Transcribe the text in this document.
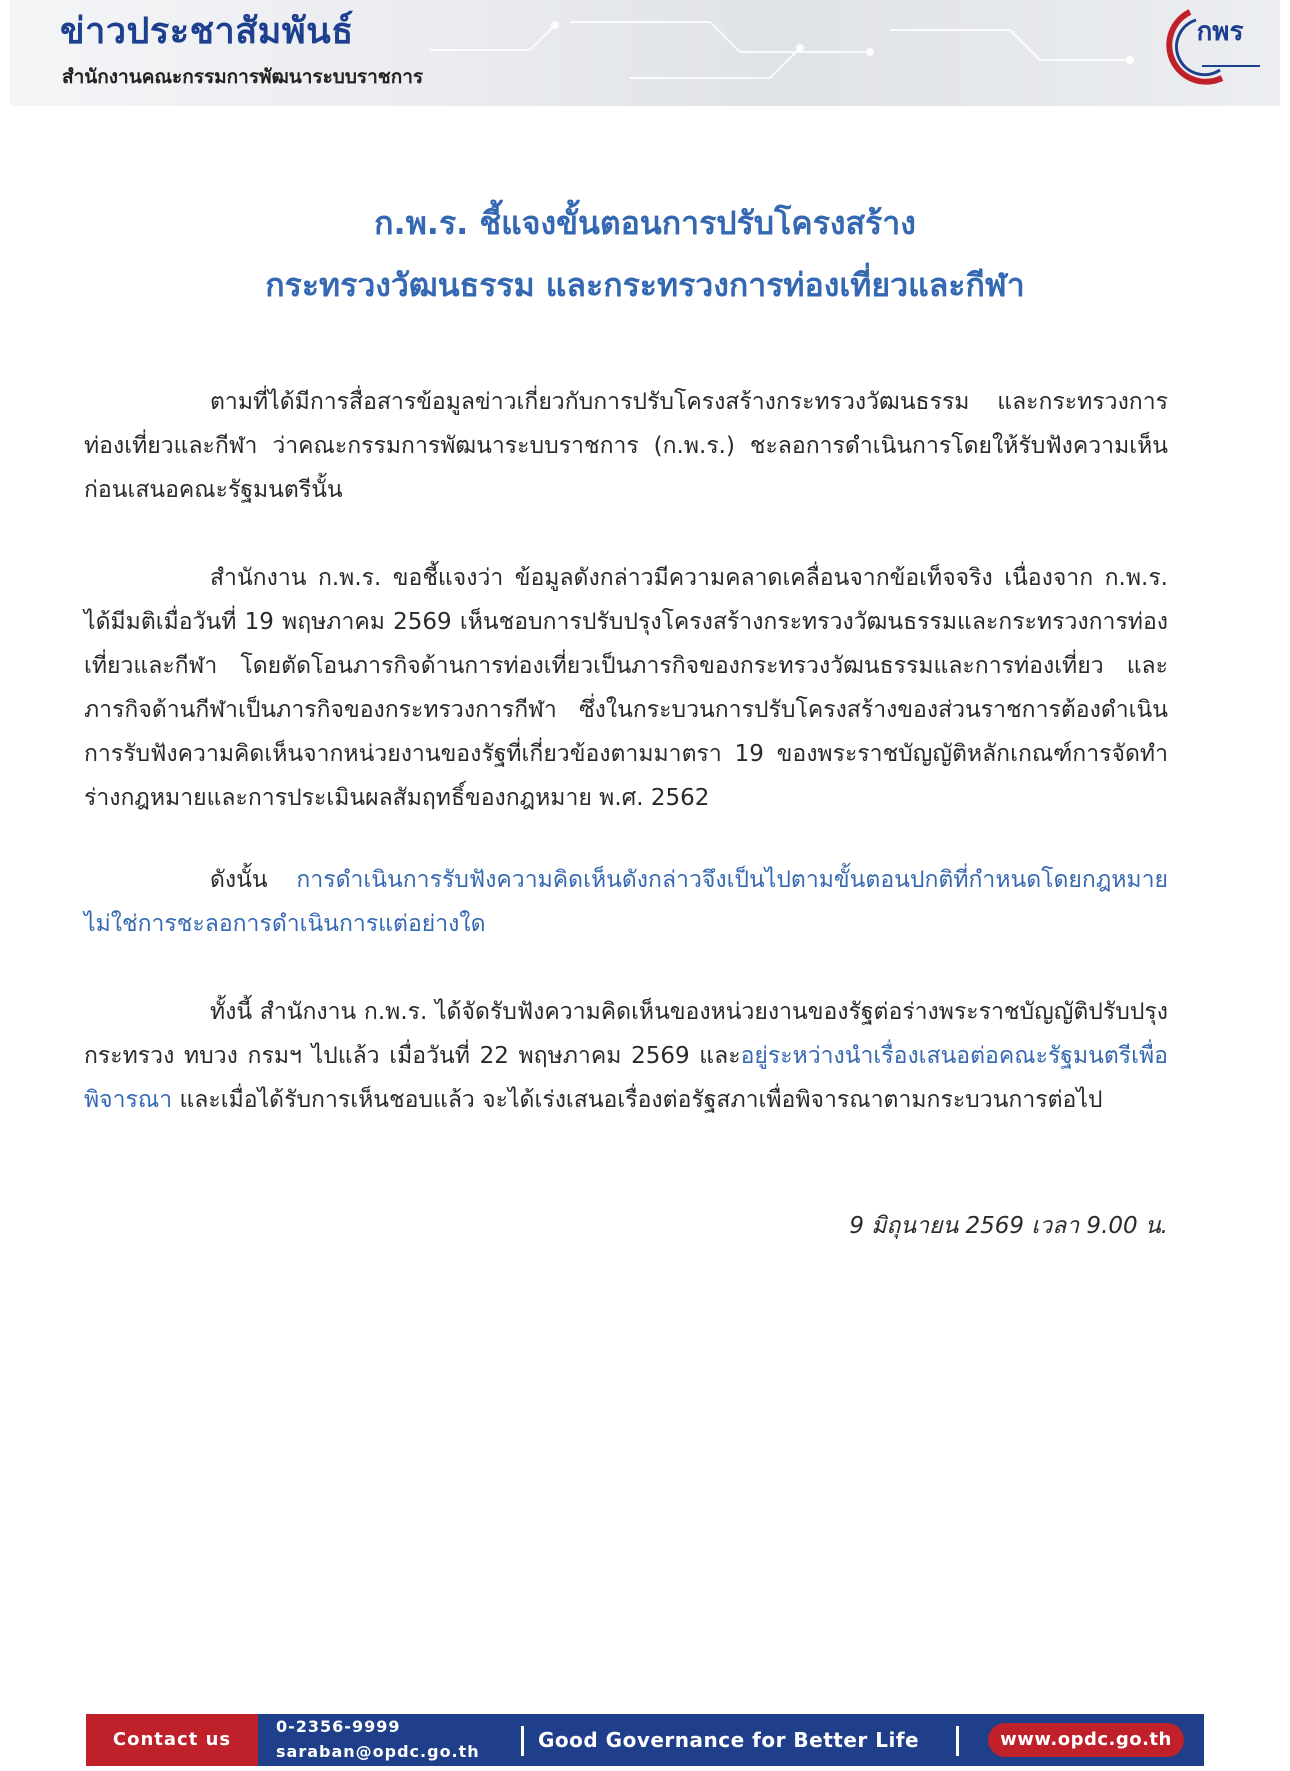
ข่าวประชาสัมพันธ์
สำนักงานคณะกรรมการพัฒนาระบบราชการ
กพร
ก.พ.ร. ชี้แจงขั้นตอนการปรับโครงสร้าง
กระทรวงวัฒนธรรม และกระทรวงการท่องเที่ยวและกีฬา
ตามที่ได้มีการสื่อสารข้อมูลข่าวเกี่ยวกับการปรับโครงสร้างกระทรวงวัฒนธรรม และกระทรวงการท่องเที่ยวและกีฬา ว่าคณะกรรมการพัฒนาระบบราชการ (ก.พ.ร.) ชะลอการดำเนินการโดยให้รับฟังความเห็นก่อนเสนอคณะรัฐมนตรีนั้น
สำนักงาน ก.พ.ร. ขอชี้แจงว่า ข้อมูลดังกล่าวมีความคลาดเคลื่อนจากข้อเท็จจริง เนื่องจาก ก.พ.ร. ได้มีมติเมื่อวันที่ 19 พฤษภาคม 2569 เห็นชอบการปรับปรุงโครงสร้างกระทรวงวัฒนธรรมและกระทรวงการท่องเที่ยวและกีฬา โดยตัดโอนภารกิจด้านการท่องเที่ยวเป็นภารกิจของกระทรวงวัฒนธรรมและการท่องเที่ยว และภารกิจด้านกีฬาเป็นภารกิจของกระทรวงการกีฬา ซึ่งในกระบวนการปรับโครงสร้างของส่วนราชการต้องดำเนินการรับฟังความคิดเห็นจากหน่วยงานของรัฐที่เกี่ยวข้องตามมาตรา 19 ของพระราชบัญญัติหลักเกณฑ์การจัดทำร่างกฎหมายและการประเมินผลสัมฤทธิ์ของกฎหมาย พ.ศ. 2562
ดังนั้น การดำเนินการรับฟังความคิดเห็นดังกล่าวจึงเป็นไปตามขั้นตอนปกติที่กำหนดโดยกฎหมาย ไม่ใช่การชะลอการดำเนินการแต่อย่างใด
ทั้งนี้ สำนักงาน ก.พ.ร. ได้จัดรับฟังความคิดเห็นของหน่วยงานของรัฐต่อร่างพระราชบัญญัติปรับปรุงกระทรวง ทบวง กรมฯ ไปแล้ว เมื่อวันที่ 22 พฤษภาคม 2569 และอยู่ระหว่างนำเรื่องเสนอต่อคณะรัฐมนตรีเพื่อพิจารณา และเมื่อได้รับการเห็นชอบแล้ว จะได้เร่งเสนอเรื่องต่อรัฐสภาเพื่อพิจารณาตามกระบวนการต่อไป
9 มิถุนายน 2569 เวลา 9.00 น.
Contact us
0-2356-9999
saraban@opdc.go.th	Good Governance for Better Life	www.opdc.go.th
